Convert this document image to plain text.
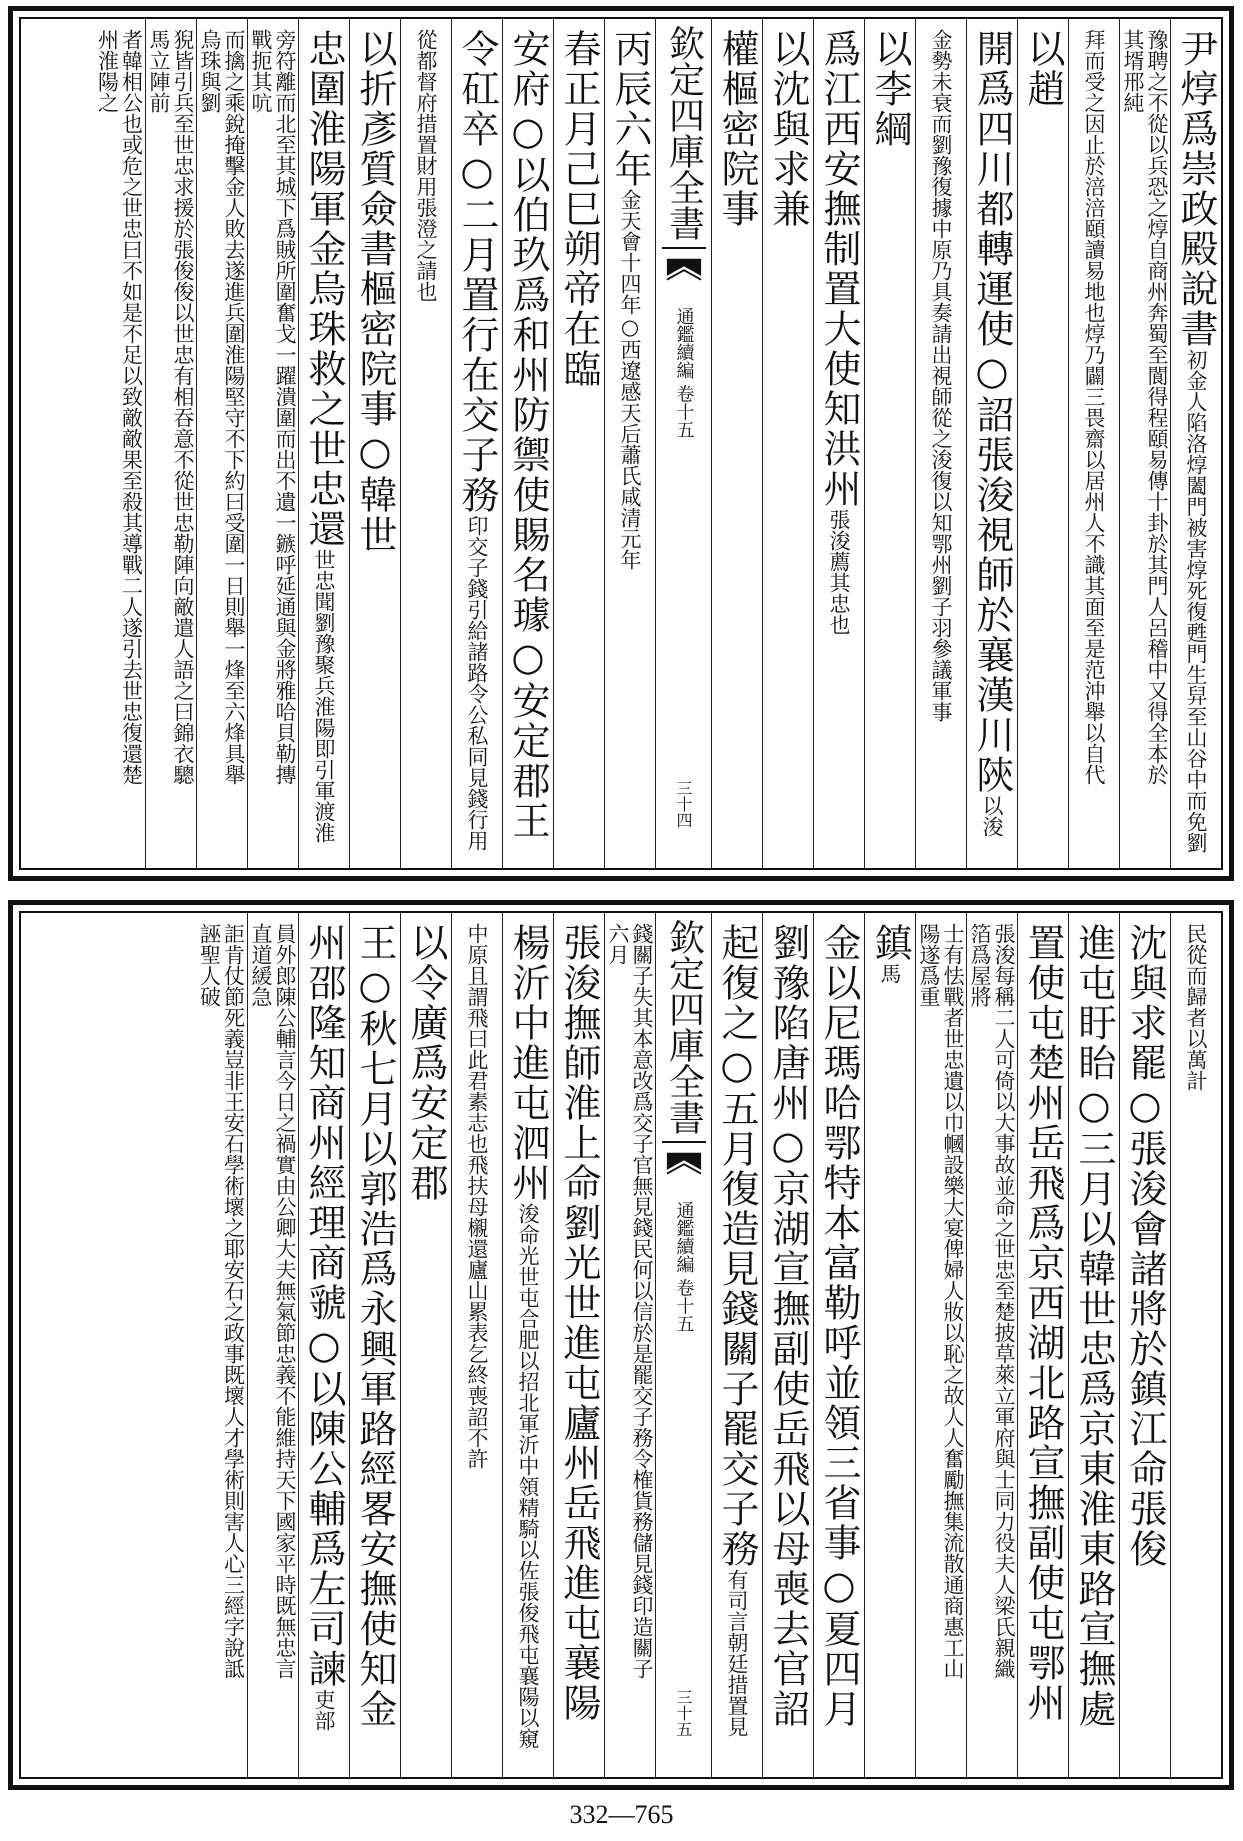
尹焞爲崇政殿說書
初金人陷洛焞闔門被害焞死復甦門生舁至山谷中而免劉
豫聘之不從以兵恐之焞自商州奔蜀至閬得程頤易傳十卦於其門人呂稽中又得全本於其壻邢純
拜而受之因止於涪涪頤讀易地也焞乃闢三畏齋以居州人不識其面至是范沖舉以自代
以趙
開爲四川都轉運使○詔張浚視師於襄漢川陝
以浚
金勢未衰而劉豫復據中原乃具奏請出視師從之浚復以知鄂州劉子羽參議軍事
以李綱
爲江西安撫制置大使知洪州
張浚薦其忠也
以沈與求兼
權樞密院事
欽定四庫全書
通鑑續編 卷十五
三十四
丙辰六年
金天會十四年○西遼感天后蕭氏咸清元年
春正月己巳朔帝在臨
安府○以伯玖爲和州防禦使賜名璩○安定郡王
令矼卒○二月置行在交子務
印交子錢引給諸路令公私同見錢行用
從都督府措置財用張澄之請也
以折彥質僉書樞密院事○韓世
忠圍淮陽軍金烏珠救之世忠還
世忠聞劉豫聚兵淮陽即引軍渡淮
旁符離而北至其城下爲賊所圍奮戈一躍潰圍而出不遺一鏃呼延通與金將雅哈貝勒摶戰扼其吭
而擒之乘銳掩擊金人敗去遂進兵圍淮陽堅守不下約曰受圍一日則舉一烽至六烽具舉烏珠與劉
猊皆引兵至世忠求援於張俊俊以世忠有相吞意不從世忠勒陣向敵遣人語之曰錦衣驄馬立陣前
者韓相公也或危之世忠曰不如是不足以致敵敵果至殺其導戰二人遂引去世忠復還楚州淮陽之
民從而歸者以萬計
沈與求罷○張浚會諸將於鎮江命張俊
進屯盱眙○三月以韓世忠爲京東淮東路宣撫處
置使屯楚州岳飛爲京西湖北路宣撫副使屯鄂州
張浚每稱二人可倚以大事故並命之世忠至楚披草萊立軍府與士同力役夫人梁氏親織箔爲屋將
士有怯戰者世忠遺以巾幗設樂大宴俾婦人妝以恥之故人人奮勵撫集流散通商惠工山陽遂爲重
鎮
馬
金以尼瑪哈鄂特本富勒呼並領三省事○夏四月
劉豫陷唐州○京湖宣撫副使岳飛以母喪去官詔
起復之○五月復造見錢關子罷交子務
有司言朝廷措置見
欽定四庫全書
通鑑續編 卷十五
三十五
錢關子失其本意改爲交子官無見錢民何以信於是罷交子務令榷貨務儲見錢印造關子六月
張浚撫師淮上命劉光世進屯廬州岳飛進屯襄陽
楊沂中進屯泗州
浚命光世屯合肥以招北軍沂中領精騎以佐張俊飛屯襄陽以窺
中原且謂飛曰此君素志也飛扶母櫬還廬山累表乞終喪詔不許
以令廣爲安定郡
王○秋七月以郭浩爲永興軍路經畧安撫使知金
州邵隆知商州經理商虢○以陳公輔爲左司諫
吏部
員外郎陳公輔言今日之禍實由公卿大夫無氣節忠義不能維持天下國家平時既無忠言直道緩急
詎肯仗節死義豈非王安石學術壞之耶安石之政事既壞人才學術則害人心三經字說詆誣聖人破
332—765
